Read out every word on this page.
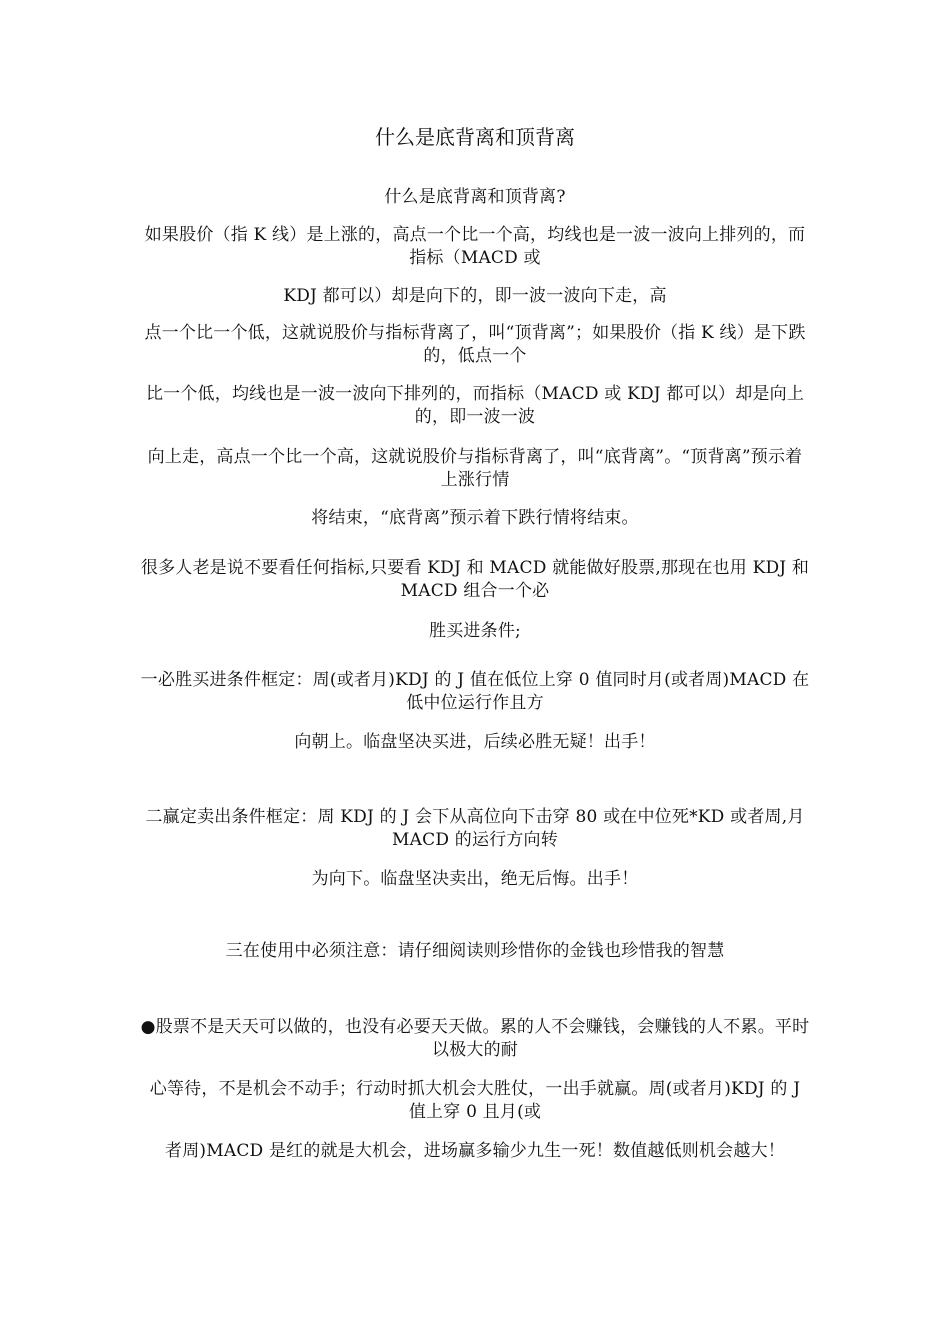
什么是底背离和顶背离
什么是底背离和顶背离?
如果股价（指 K 线）是上涨的，高点一个比一个高，均线也是一波一波向上排列的，而指标（MACD 或
KDJ 都可以）却是向下的，即一波一波向下走，高
点一个比一个低，这就说股价与指标背离了，叫“顶背离”；如果股价（指 K 线）是下跌的，低点一个
比一个低，均线也是一波一波向下排列的，而指标（MACD 或 KDJ 都可以）却是向上的，即一波一波
向上走，高点一个比一个高，这就说股价与指标背离了，叫“底背离”。“顶背离”预示着上涨行情
将结束，“底背离”预示着下跌行情将结束。
很多人老是说不要看任何指标,只要看 KDJ 和 MACD 就能做好股票,那现在也用 KDJ 和 MACD 组合一个必
胜买进条件;
一必胜买进条件框定：周(或者月)KDJ 的 J 值在低位上穿 0 值同时月(或者周)MACD 在低中位运行作且方
向朝上。临盘坚决买进，后续必胜无疑！出手！
二赢定卖出条件框定：周 KDJ 的 J 会下从高位向下击穿 80 或在中位死*KD 或者周,月 MACD 的运行方向转
为向下。临盘坚决卖出，绝无后悔。出手！
三在使用中必须注意：请仔细阅读则珍惜你的金钱也珍惜我的智慧
●股票不是天天可以做的，也没有必要天天做。累的人不会赚钱，会赚钱的人不累。平时以极大的耐
心等待，不是机会不动手；行动时抓大机会大胜仗，一出手就赢。周(或者月)KDJ 的 J 值上穿 0 且月(或
者周)MACD 是红的就是大机会，进场赢多输少九生一死！数值越低则机会越大！
